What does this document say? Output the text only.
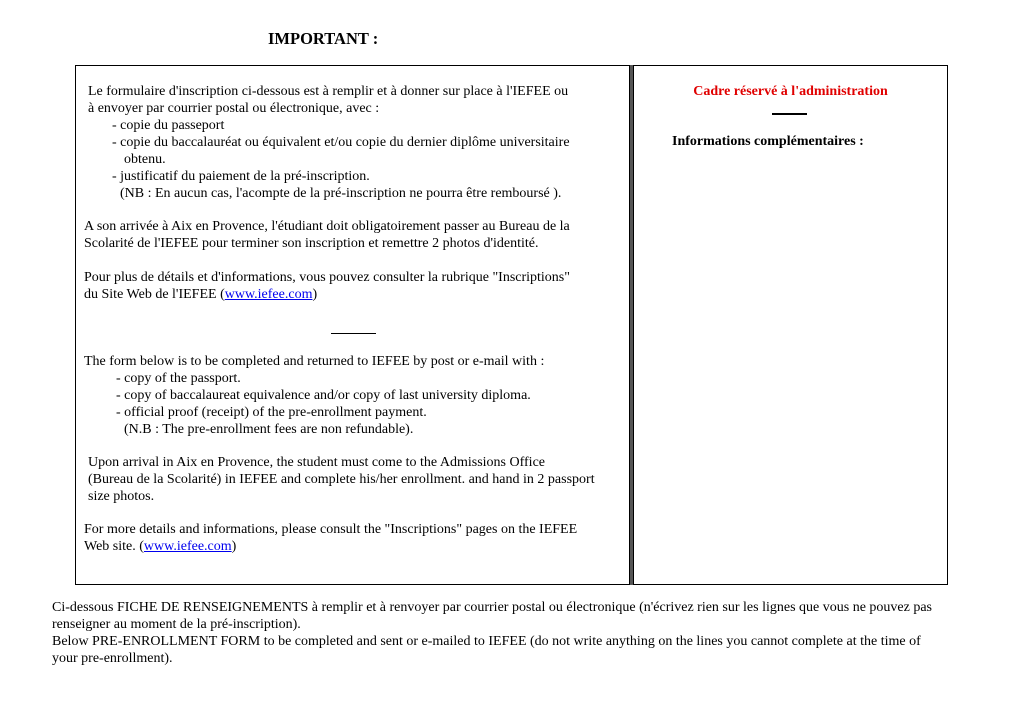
IMPORTANT :
Le formulaire d'inscription ci-dessous est à remplir et à donner sur place à l'IEFEE ou
à envoyer par courrier postal ou électronique, avec :
- copie du passeport
- copie du baccalauréat ou équivalent et/ou copie du dernier diplôme universitaire
obtenu.
- justificatif du paiement de la pré-inscription.
(NB : En aucun cas, l'acompte de la pré-inscription ne pourra être remboursé ).
A son arrivée à Aix en Provence, l'étudiant doit obligatoirement passer au Bureau de la
Scolarité de l'IEFEE pour terminer son inscription et remettre 2 photos d'identité.
Pour plus de détails et d'informations, vous pouvez consulter la rubrique "Inscriptions"
du Site Web de l'IEFEE (www.iefee.com)
The form below is to be completed and returned to IEFEE by post or e-mail with :
- copy of the passport.
- copy of baccalaureat equivalence and/or copy of last university diploma.
- official proof (receipt) of the pre-enrollment payment.
(N.B : The pre-enrollment fees are non refundable).
Upon arrival in Aix en Provence, the student must come to the Admissions Office
(Bureau de la Scolarité) in IEFEE and complete his/her enrollment. and hand in 2 passport
size photos.
For more details and informations, please consult the "Inscriptions" pages on the IEFEE
Web site. (www.iefee.com)
Cadre réservé à l'administration
Informations complémentaires :
Ci-dessous FICHE DE RENSEIGNEMENTS à remplir et à renvoyer par courrier postal ou électronique (n'écrivez rien sur les lignes que vous ne pouvez pas
renseigner au moment de la pré-inscription).
Below PRE-ENROLLMENT FORM to be completed and sent or e-mailed to IEFEE (do not write anything on the lines you cannot complete at the time of
your pre-enrollment).
